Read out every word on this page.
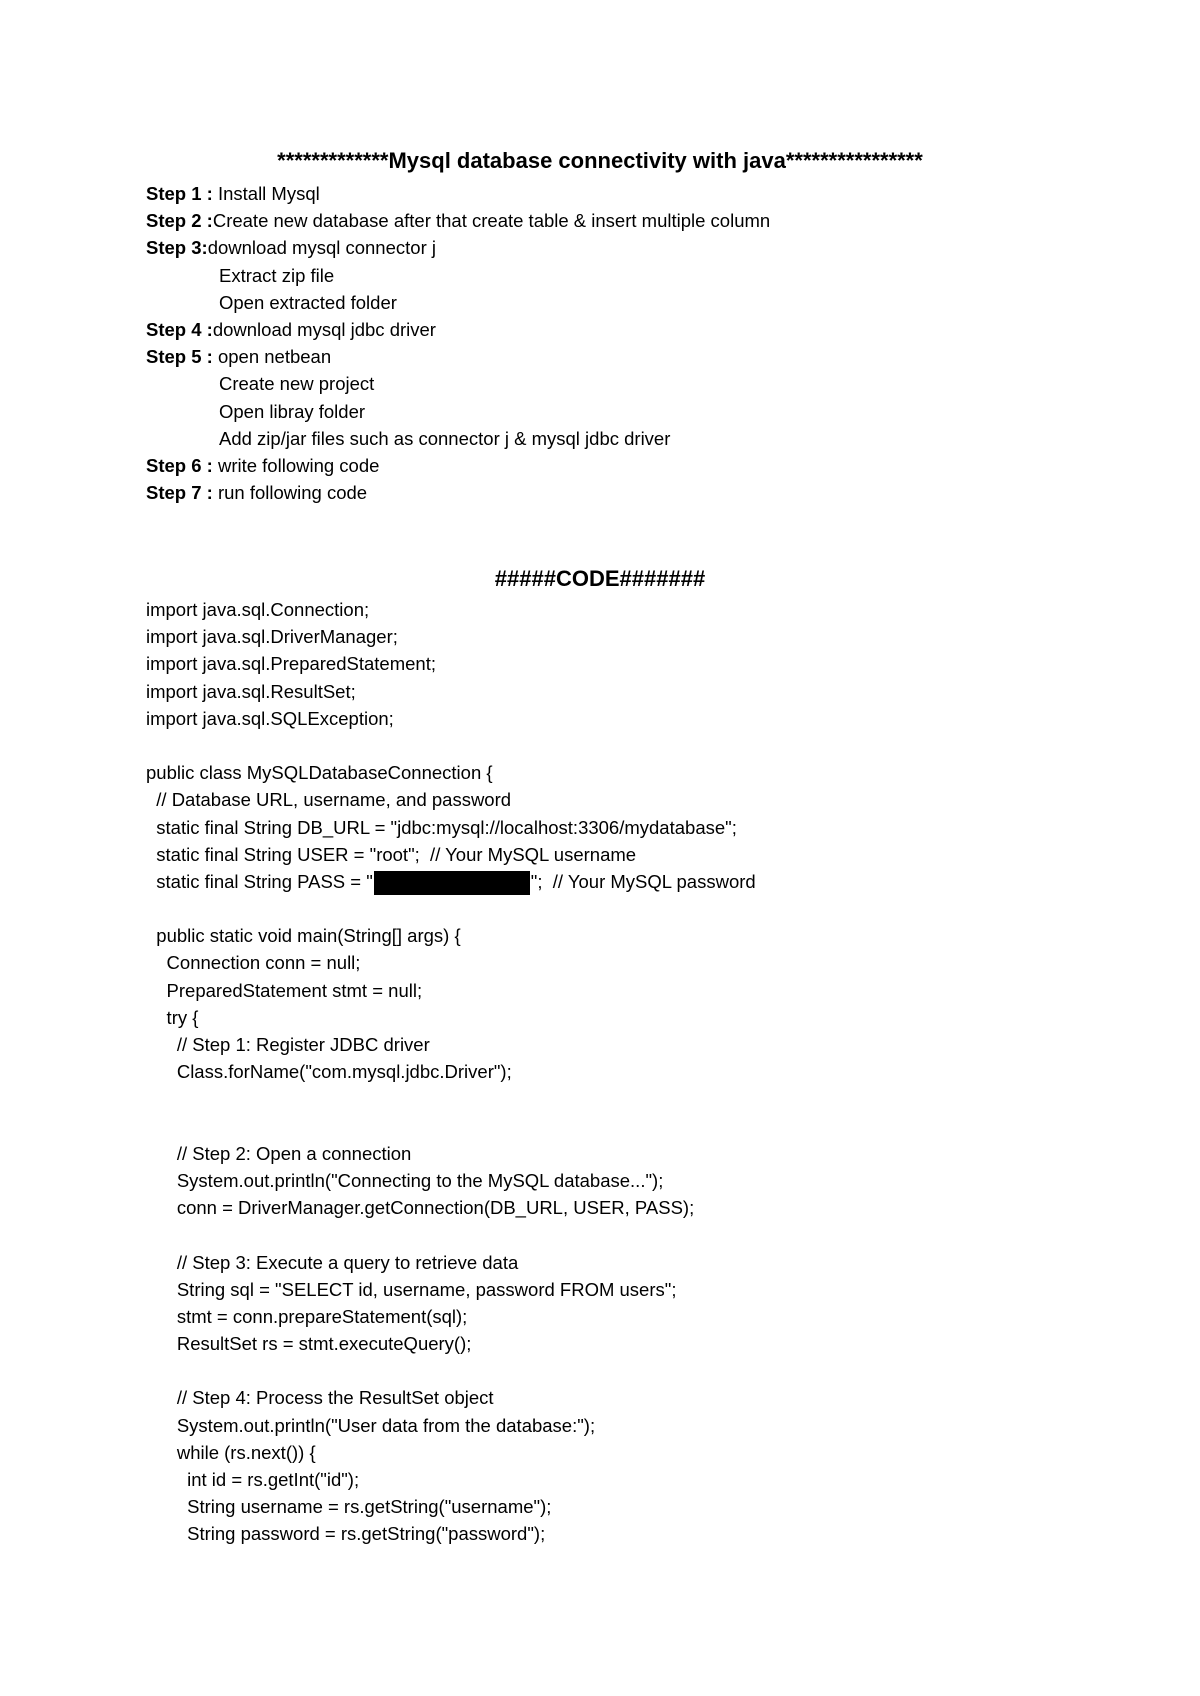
*************Mysql database connectivity with java****************
Step 1 : Install Mysql
Step 2 :Create new database after that create table & insert multiple column
Step 3:download mysql connector j
Extract zip file
Open extracted folder
Step 4 :download mysql jdbc driver
Step 5 : open netbean
Create new project
Open libray folder
Add zip/jar files such as connector j & mysql jdbc driver
Step 6 : write following code
Step 7 : run following code
#####CODE#######
import java.sql.Connection;
import java.sql.DriverManager;
import java.sql.PreparedStatement;
import java.sql.ResultSet;
import java.sql.SQLException;
public class MySQLDatabaseConnection {
// Database URL, username, and password
static final String DB_URL = "jdbc:mysql://localhost:3306/mydatabase";
static final String USER = "root";  // Your MySQL username
static final String PASS = "	";  // Your MySQL password
public static void main(String[] args) {
Connection conn = null;
PreparedStatement stmt = null;
try {
// Step 1: Register JDBC driver
Class.forName("com.mysql.jdbc.Driver");
// Step 2: Open a connection
System.out.println("Connecting to the MySQL database...");
conn = DriverManager.getConnection(DB_URL, USER, PASS);
// Step 3: Execute a query to retrieve data
String sql = "SELECT id, username, password FROM users";
stmt = conn.prepareStatement(sql);
ResultSet rs = stmt.executeQuery();
// Step 4: Process the ResultSet object
System.out.println("User data from the database:");
while (rs.next()) {
int id = rs.getInt("id");
String username = rs.getString("username");
String password = rs.getString("password");
